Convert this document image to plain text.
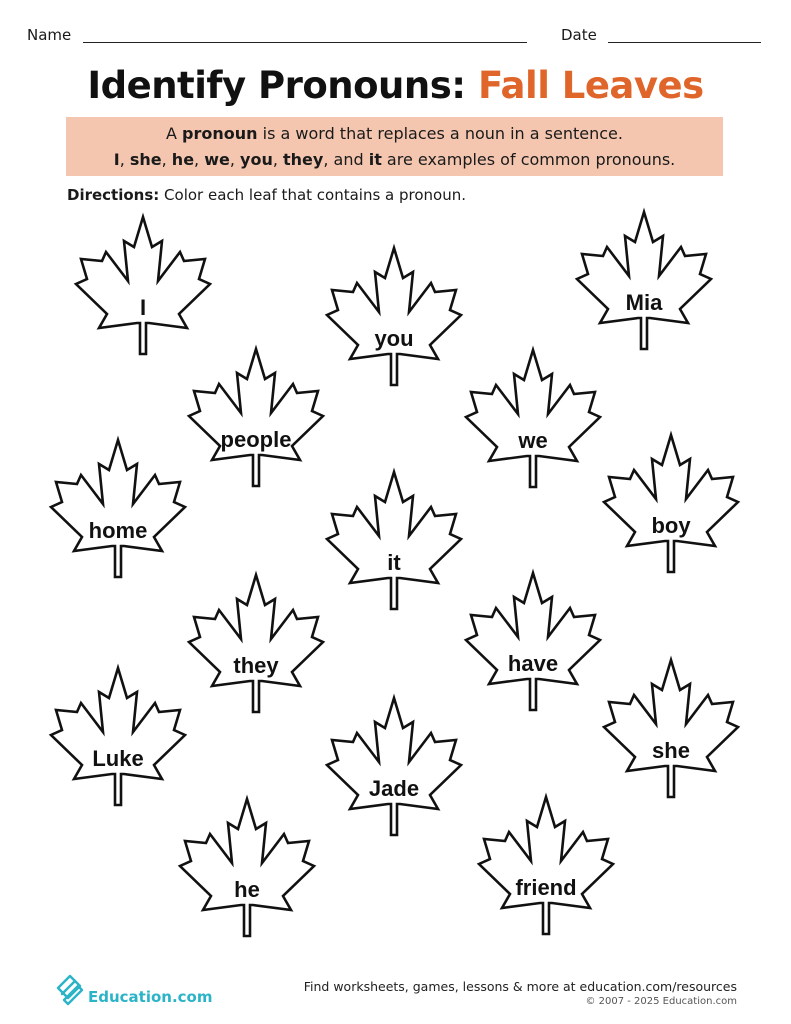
Name	Date
Identify Pronouns: Fall Leaves
A pronoun is a word that replaces a noun in a sentence.
I, she, he, we, you, they, and it are examples of common pronouns.
Directions: Color each leaf that contains a pronoun.
I
you
Mia
people	we
home	boy
it
they	have
Luke	she
Jade
he	friend
Education.com
Find worksheets, games, lessons & more at education.com/resources
© 2007 - 2025 Education.com
